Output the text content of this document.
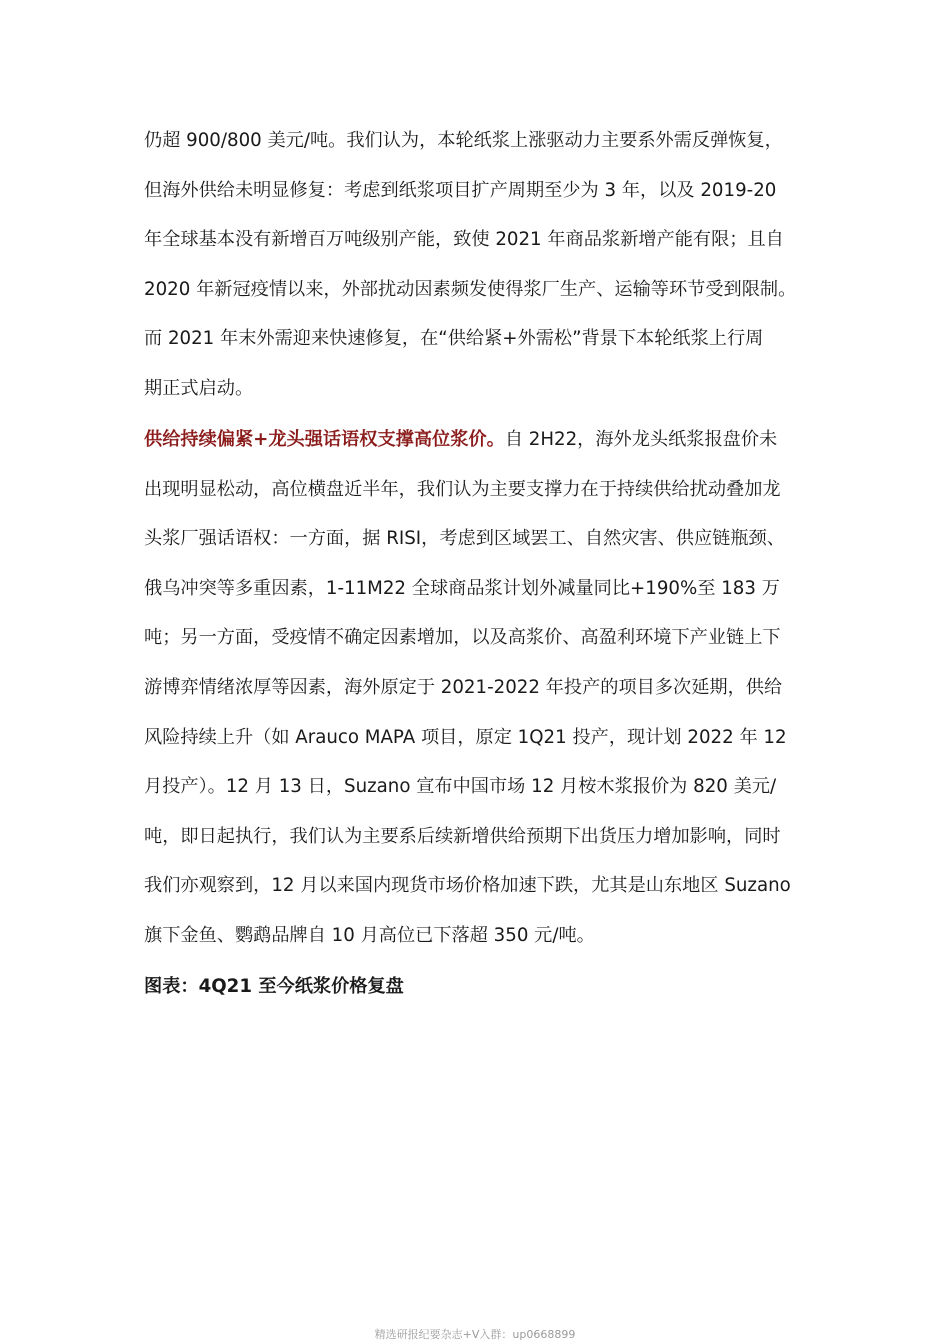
仍超 900/800 美元/吨。我们认为，本轮纸浆上涨驱动力主要系外需反弹恢复，
但海外供给未明显修复：考虑到纸浆项目扩产周期至少为 3 年，以及 2019-20
年全球基本没有新增百万吨级别产能，致使 2021 年商品浆新增产能有限；且自
2020 年新冠疫情以来，外部扰动因素频发使得浆厂生产、运输等环节受到限制。
而 2021 年末外需迎来快速修复，在“供给紧+外需松”背景下本轮纸浆上行周
期正式启动。
供给持续偏紧+龙头强话语权支撑高位浆价。自 2H22，海外龙头纸浆报盘价未
出现明显松动，高位横盘近半年，我们认为主要支撑力在于持续供给扰动叠加龙
头浆厂强话语权：一方面，据 RISI，考虑到区域罢工、自然灾害、供应链瓶颈、
俄乌冲突等多重因素，1-11M22 全球商品浆计划外减量同比+190%至 183 万
吨；另一方面，受疫情不确定因素增加，以及高浆价、高盈利环境下产业链上下
游博弈情绪浓厚等因素，海外原定于 2021-2022 年投产的项目多次延期，供给
风险持续上升（如 Arauco MAPA 项目，原定 1Q21 投产，现计划 2022 年 12
月投产）。12 月 13 日，Suzano 宣布中国市场 12 月桉木浆报价为 820 美元/
吨，即日起执行，我们认为主要系后续新增供给预期下出货压力增加影响，同时
我们亦观察到，12 月以来国内现货市场价格加速下跌，尤其是山东地区 Suzano
旗下金鱼、鹦鹉品牌自 10 月高位已下落超 350 元/吨。
图表：4Q21 至今纸浆价格复盘
精选研报纪要杂志+V入群：up0668899
